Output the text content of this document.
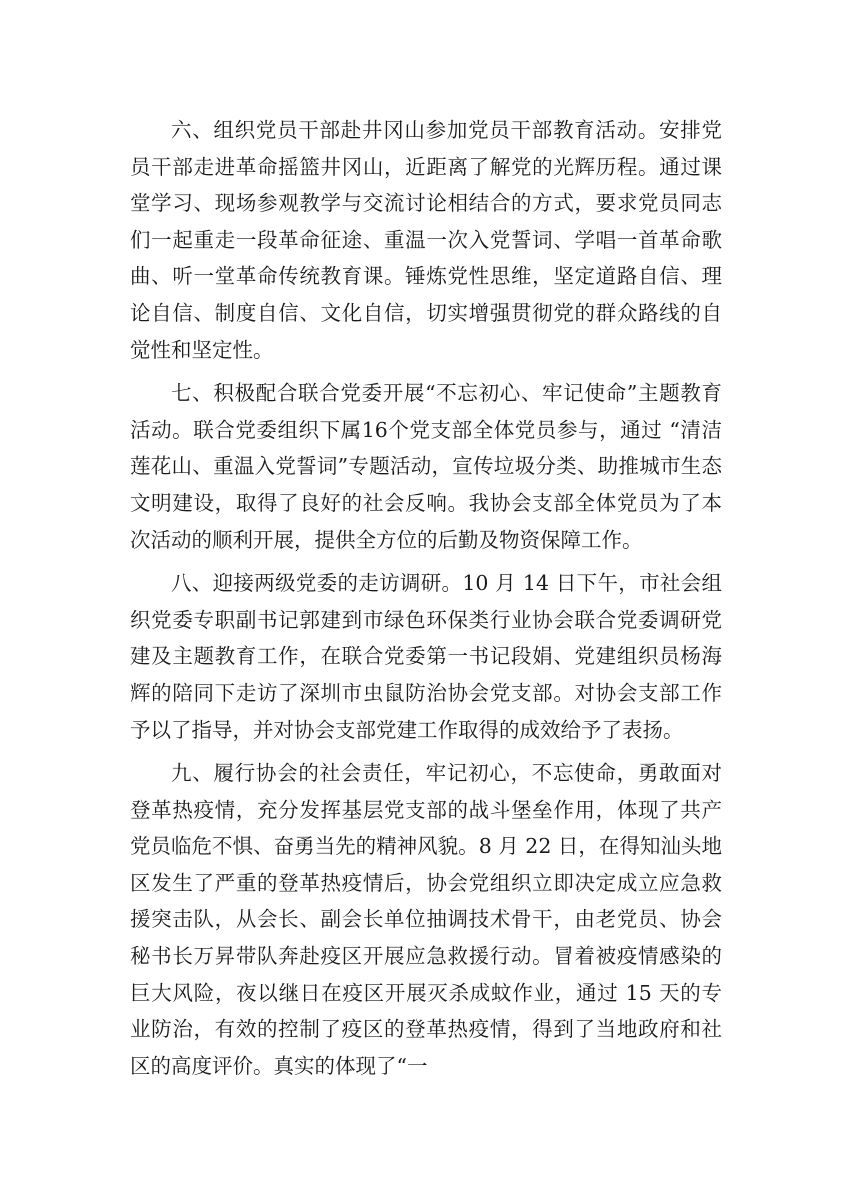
六、组织党员干部赴井冈山参加党员干部教育活动。安排党员干部走进革命摇篮井冈山，近距离了解党的光辉历程。通过课堂学习、现场参观教学与交流讨论相结合的方式，要求党员同志们一起重走一段革命征途、重温一次入党誓词、学唱一首革命歌曲、听一堂革命传统教育课。锤炼党性思维，坚定道路自信、理论自信、制度自信、文化自信，切实增强贯彻党的群众路线的自觉性和坚定性。

七、积极配合联合党委开展“不忘初心、牢记使命”主题教育活动。联合党委组织下属16个党支部全体党员参与，通过 “清洁莲花山、重温入党誓词”专题活动，宣传垃圾分类、助推城市生态文明建设，取得了良好的社会反响。我协会支部全体党员为了本次活动的顺利开展，提供全方位的后勤及物资保障工作。

八、迎接两级党委的走访调研。10 月 14 日下午，市社会组织党委专职副书记郭建到市绿色环保类行业协会联合党委调研党建及主题教育工作，在联合党委第一书记段娟、党建组织员杨海辉的陪同下走访了深圳市虫鼠防治协会党支部。对协会支部工作予以了指导，并对协会支部党建工作取得的成效给予了表扬。

九、履行协会的社会责任，牢记初心，不忘使命，勇敢面对登革热疫情，充分发挥基层党支部的战斗堡垒作用，体现了共产党员临危不惧、奋勇当先的精神风貌。8 月 22 日，在得知汕头地区发生了严重的登革热疫情后，协会党组织立即决定成立应急救援突击队，从会长、副会长单位抽调技术骨干，由老党员、协会秘书长万昇带队奔赴疫区开展应急救援行动。冒着被疫情感染的巨大风险，夜以继日在疫区开展灭杀成蚊作业，通过 15 天的专业防治，有效的控制了疫区的登革热疫情，得到了当地政府和社区的高度评价。真实的体现了“一
